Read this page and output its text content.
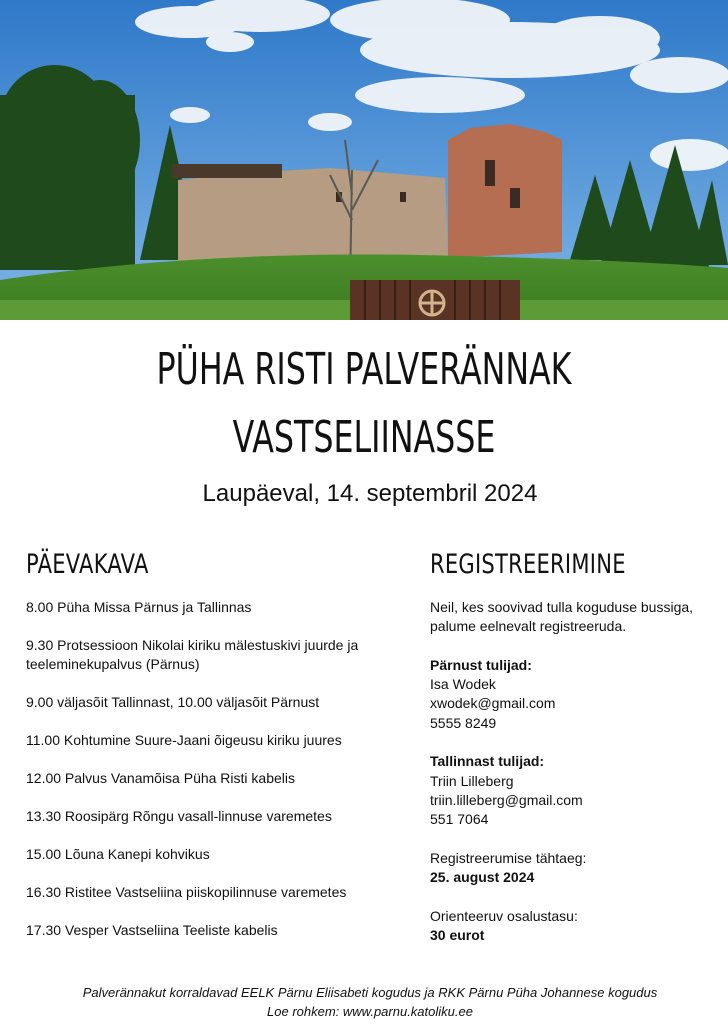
PÜHA RISTI PALVERÄNNAK
VASTSELIINASSE
Laupäeval, 14. septembril 2024
PÄEVAKAVA	REGISTREERIMINE
8.00 Püha Missa Pärnus ja Tallinnas
9.30 Protsessioon Nikolai kiriku mälestuskivi juurde ja teeleminekupalvus (Pärnus)
9.00 väljasõit Tallinnast, 10.00 väljasõit Pärnust
11.00 Kohtumine Suure-Jaani õigeusu kiriku juures
12.00 Palvus Vanamõisa Püha Risti kabelis
13.30 Roosipärg Rõngu vasall-linnuse varemetes
15.00 Lõuna Kanepi kohvikus
16.30 Ristitee Vastseliina piiskopilinnuse varemetes
17.30 Vesper Vastseliina Teeliste kabelis
Neil, kes soovivad tulla koguduse bussiga, palume eelnevalt registreeruda.
Pärnust tulijad:
Isa Wodek
xwodek@gmail.com
5555 8249
Tallinnast tulijad:
Triin Lilleberg
triin.lilleberg@gmail.com
551 7064
Registreerumise tähtaeg:
25. august 2024
Orienteeruv osalustasu:
30 eurot
Palverännakut korraldavad EELK Pärnu Eliisabeti kogudus ja RKK Pärnu Püha Johannese kogudus
Loe rohkem: www.parnu.katoliku.ee
